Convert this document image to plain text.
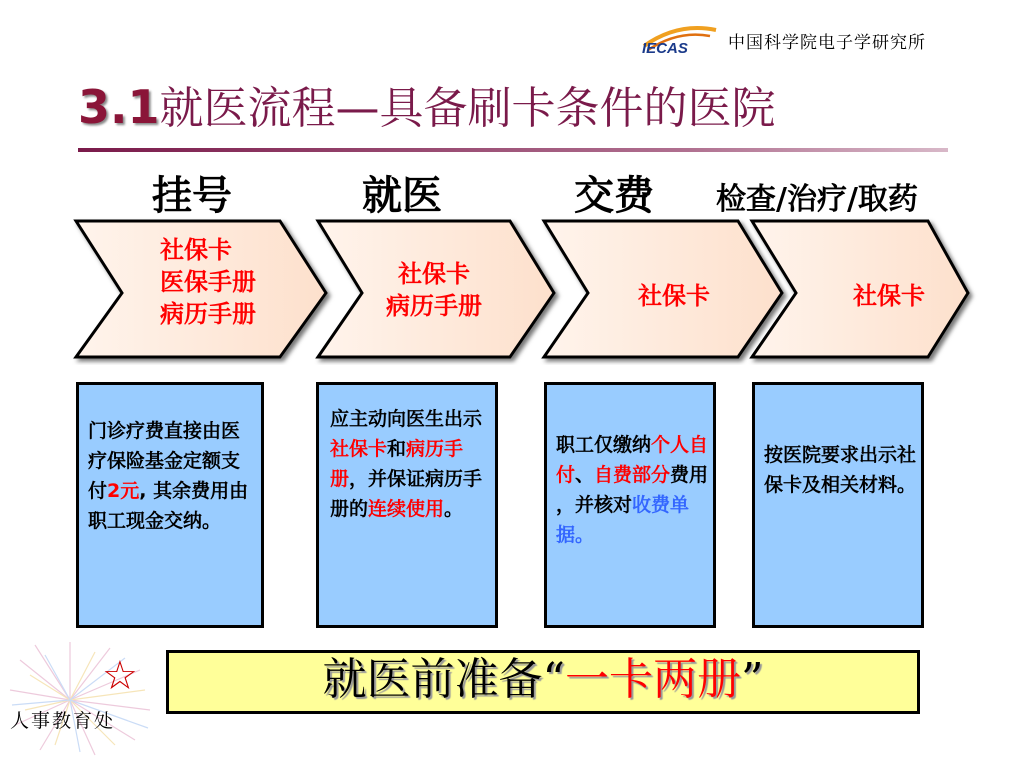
IECAS 中国科学院电子学研究所
3.1就医流程—具备刷卡条件的医院
挂号	就医	交费 检查/治疗/取药
社保卡
医保手册
病历手册
社保卡
病历手册	社保卡	社保卡
门诊疗费直接由医疗保险基金定额支付2元, 其余费用由职工现金交纳。
应主动向医生出示社保卡和病历手册，并保证病历手册的连续使用。
职工仅缴纳个人自付、自费部分费用 ，并核对收费单据。
按医院要求出示社保卡及相关材料。
☆
人事教育处
就医前准备“一卡两册”
